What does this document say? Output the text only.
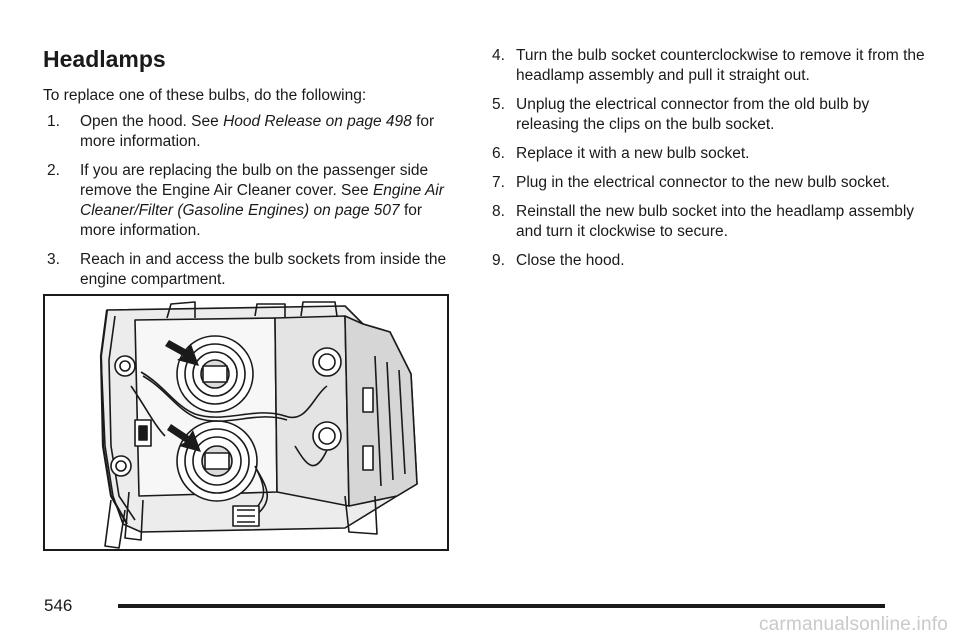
Headlamps

To replace one of these bulbs, do the following:

1. Open the hood. See Hood Release on page 498 for more information.
2. If you are replacing the bulb on the passenger side remove the Engine Air Cleaner cover. See Engine Air Cleaner/Filter (Gasoline Engines) on page 507 for more information.
3. Reach in and access the bulb sockets from inside the engine compartment.
4. Turn the bulb socket counterclockwise to remove it from the headlamp assembly and pull it straight out.
5. Unplug the electrical connector from the old bulb by releasing the clips on the bulb socket.
6. Replace it with a new bulb socket.
7. Plug in the electrical connector to the new bulb socket.
8. Reinstall the new bulb socket into the headlamp assembly and turn it clockwise to secure.
9. Close the hood.
546
carmanualsonline.info
